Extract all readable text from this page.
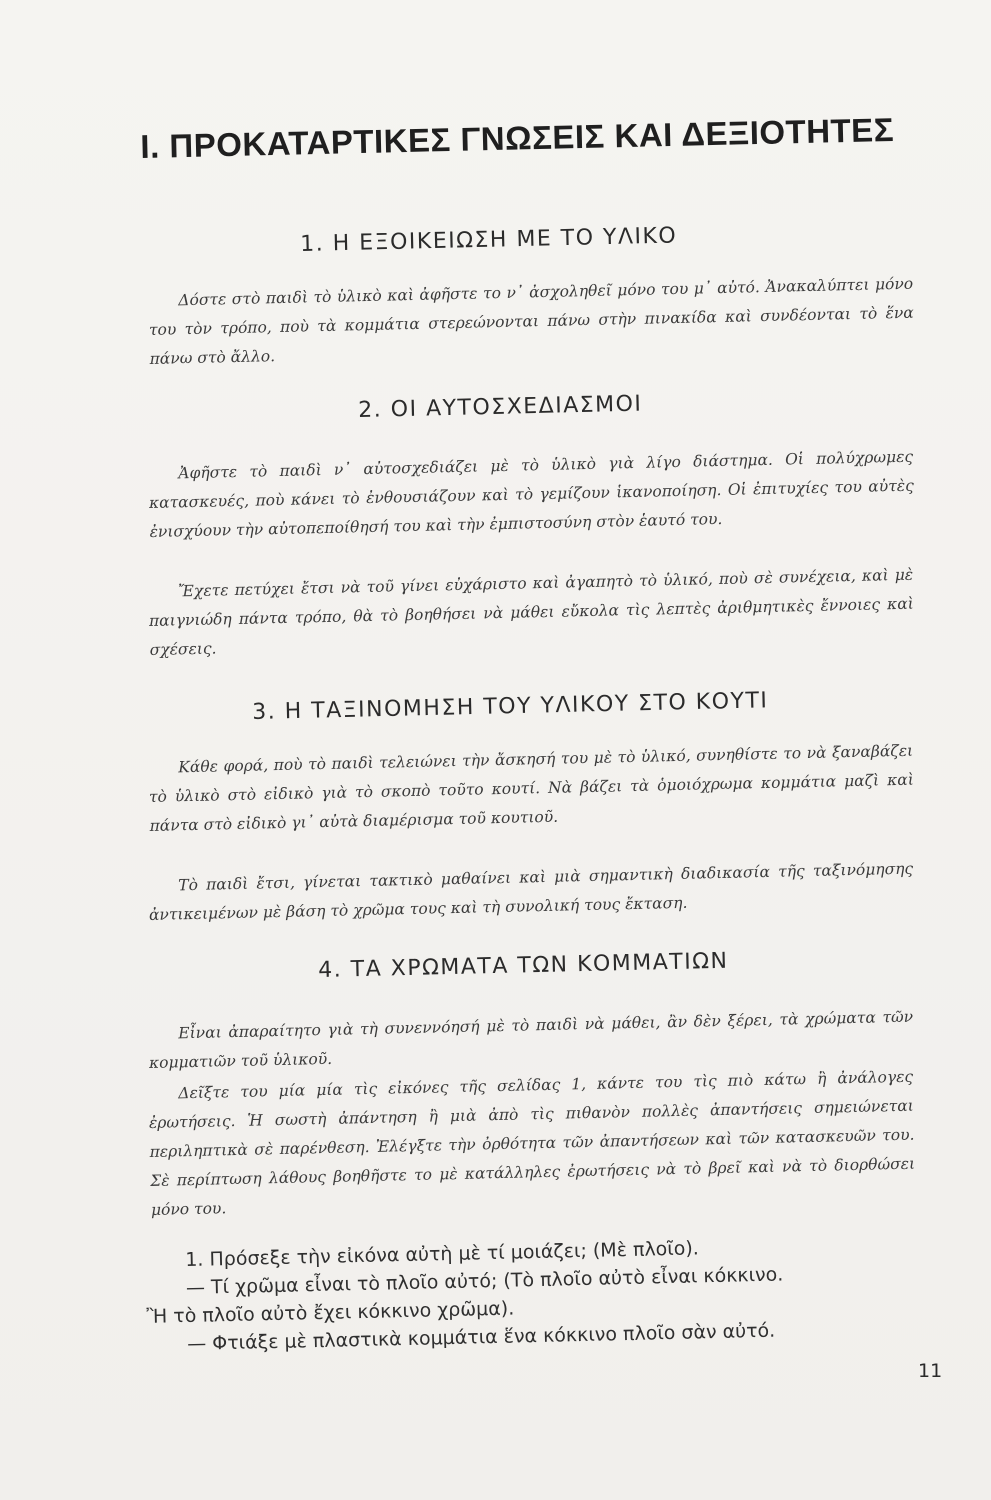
I. ΠΡΟΚΑΤΑΡΤΙΚΕΣ ΓΝΩΣΕΙΣ ΚΑΙ ΔΕΞΙΟΤΗΤΕΣ
1. Η ΕΞΟΙΚΕΙΩΣΗ ΜΕ ΤΟ ΥΛΙΚΟ
Δόστε στὸ παιδὶ τὸ ὑλικὸ καὶ ἀφῆστε το ν᾽ ἀσχοληθεῖ μόνο του μ᾽ αὐτό. Ἀνακαλύπτει μόνο του τὸν τρόπο, ποὺ τὰ κομμάτια στερεώνονται πάνω στὴν πινακίδα καὶ συνδέονται τὸ ἕνα πάνω στὸ ἄλλο.
2. ΟΙ ΑΥΤΟΣΧΕΔΙΑΣΜΟΙ
Ἀφῆστε τὸ παιδὶ ν᾽ αὐτοσχεδιάζει μὲ τὸ ὑλικὸ γιὰ λίγο διάστημα. Οἱ πολύχρωμες κατασκευές, ποὺ κάνει τὸ ἐνθουσιάζουν καὶ τὸ γεμίζουν ἱκανοποίηση. Οἱ ἐπιτυχίες του αὐτὲς ἐνισχύουν τὴν αὐτοπεποίθησή του καὶ τὴν ἐμπιστοσύνη στὸν ἑαυτό του.
Ἔχετε πετύχει ἔτσι νὰ τοῦ γίνει εὐχάριστο καὶ ἀγαπητὸ τὸ ὑλικό, ποὺ σὲ συνέχεια, καὶ μὲ παιγνιώδη πάντα τρόπο, θὰ τὸ βοηθήσει νὰ μάθει εὔκολα τὶς λεπτὲς ἀριθμητικὲς ἔννοιες καὶ σχέσεις.
3. Η ΤΑΞΙΝΟΜΗΣΗ ΤΟΥ ΥΛΙΚΟΥ ΣΤΟ ΚΟΥΤΙ
Κάθε φορά, ποὺ τὸ παιδὶ τελειώνει τὴν ἄσκησή του μὲ τὸ ὑλικό, συνηθίστε το νὰ ξαναβάζει τὸ ὑλικὸ στὸ εἰδικὸ γιὰ τὸ σκοπὸ τοῦτο κουτί. Νὰ βάζει τὰ ὁμοιόχρωμα κομμάτια μαζὶ καὶ πάντα στὸ εἰδικὸ γι᾽ αὐτὰ διαμέρισμα τοῦ κουτιοῦ.
Τὸ παιδὶ ἔτσι, γίνεται τακτικὸ μαθαίνει καὶ μιὰ σημαντικὴ διαδικασία τῆς ταξινόμησης ἀντικειμένων μὲ βάση τὸ χρῶμα τους καὶ τὴ συνολική τους ἔκταση.
4. ΤΑ ΧΡΩΜΑΤΑ ΤΩΝ ΚΟΜΜΑΤΙΩΝ
Εἶναι ἀπαραίτητο γιὰ τὴ συνεννόησή μὲ τὸ παιδὶ νὰ μάθει, ἂν δὲν ξέρει, τὰ χρώματα τῶν κομματιῶν τοῦ ὑλικοῦ.
Δεῖξτε του μία μία τὶς εἰκόνες τῆς σελίδας 1, κάντε του τὶς πιὸ κάτω ἢ ἀνάλογες ἐρωτήσεις. Ἡ σωστὴ ἀπάντηση ἢ μιὰ ἀπὸ τὶς πιθανὸν πολλὲς ἀπαντήσεις σημειώνεται περιληπτικὰ σὲ παρένθεση. Ἐλέγξτε τὴν ὀρθότητα τῶν ἀπαντήσεων καὶ τῶν κατασκευῶν του. Σὲ περίπτωση λάθους βοηθῆστε το μὲ κατάλληλες ἐρωτήσεις νὰ τὸ βρεῖ καὶ νὰ τὸ διορθώσει μόνο του.
1. Πρόσεξε τὴν εἰκόνα αὐτὴ μὲ τί μοιάζει; (Μὲ πλοῖο).
— Τί χρῶμα εἶναι τὸ πλοῖο αὐτό; (Τὸ πλοῖο αὐτὸ εἶναι κόκκινο.
Ἢ τὸ πλοῖο αὐτὸ ἔχει κόκκινο χρῶμα).
— Φτιάξε μὲ πλαστικὰ κομμάτια ἕνα κόκκινο πλοῖο σὰν αὐτό.
11
